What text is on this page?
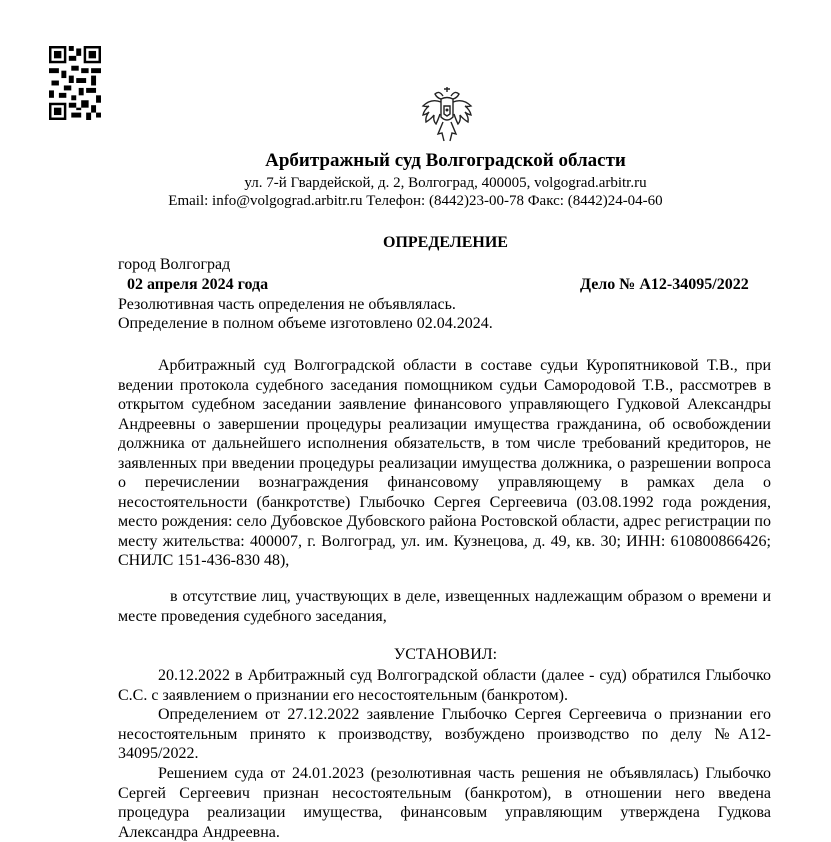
Арбитражный суд Волгоградской области
ул. 7-й Гвардейской, д. 2, Волгоград, 400005, volgograd.arbitr.ru
Email: info@volgograd.arbitr.ru Телефон: (8442)23-00-78 Факс: (8442)24-04-60
ОПРЕДЕЛЕНИЕ
город Волгоград
02 апреля 2024 года	Дело № А12-34095/2022
Резолютивная часть определения не объявлялась.
Определение в полном объеме изготовлено 02.04.2024.

Арбитражный суд Волгоградской области в составе судьи Куропятниковой Т.В., при ведении протокола судебного заседания помощником судьи Самородовой Т.В., рассмотрев в открытом судебном заседании заявление финансового управляющего Гудковой Александры Андреевны о завершении процедуры реализации имущества гражданина, об освобождении должника от дальнейшего исполнения обязательств, в том числе требований кредиторов, не заявленных при введении процедуры реализации имущества должника, о разрешении вопроса о перечислении вознаграждения финансовому управляющему в рамках дела о несостоятельности (банкротстве) Глыбочко Сергея Сергеевича (03.08.1992 года рождения, место рождения: село Дубовское Дубовского района Ростовской области, адрес регистрации по месту жительства: 400007, г. Волгоград, ул. им. Кузнецова, д. 49, кв. 30; ИНН: 610800866426; СНИЛС 151-436-830 48),

в отсутствие лиц, участвующих в деле, извещенных надлежащим образом о времени и месте проведения судебного заседания,

УСТАНОВИЛ:

20.12.2022 в Арбитражный суд Волгоградской области (далее - суд) обратился Глыбочко С.С. с заявлением о признании его несостоятельным (банкротом).

Определением от 27.12.2022 заявление Глыбочко Сергея Сергеевича о признании его несостоятельным принято к производству, возбуждено производство по делу №А12-34095/2022.

Решением суда от 24.01.2023 (резолютивная часть решения не объявлялась) Глыбочко Сергей Сергеевич признан несостоятельным (банкротом), в отношении него введена процедура реализации имущества, финансовым управляющим утверждена Гудкова Александра Андреевна.
